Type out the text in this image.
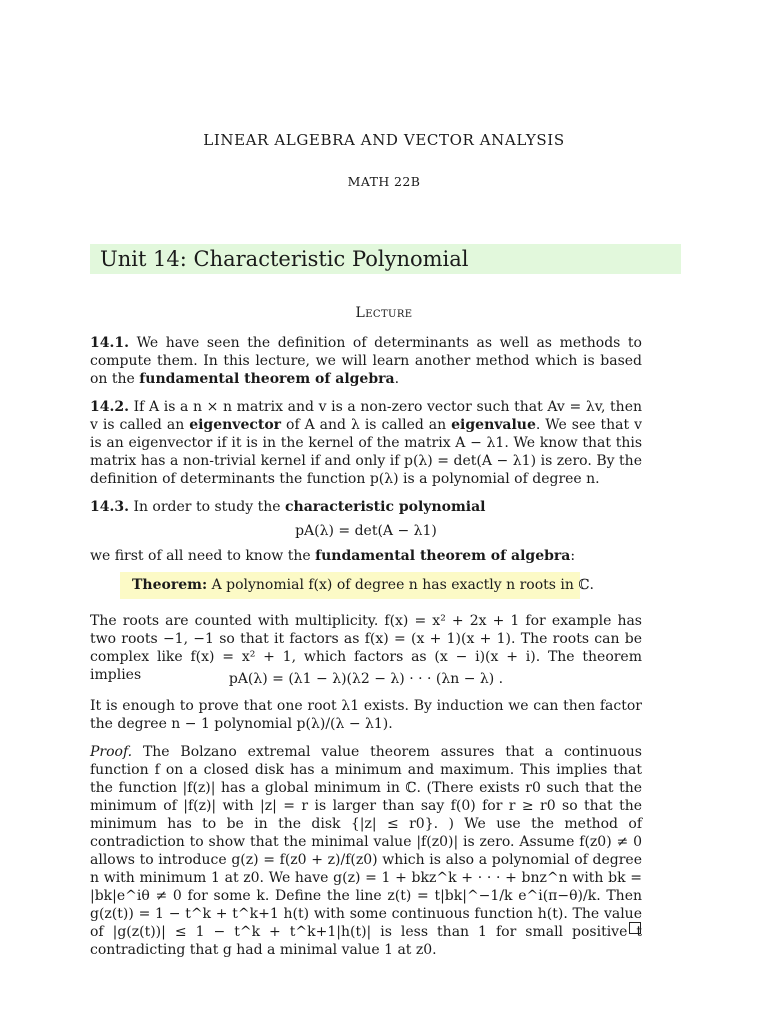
LINEAR ALGEBRA AND VECTOR ANALYSIS
MATH 22B
Unit 14: Characteristic Polynomial
Lecture

14.1. We have seen the definition of determinants as well as methods to compute them. In this lecture, we will learn another method which is based on the fundamental theorem of algebra.

14.2. If A is a n × n matrix and v is a non-zero vector such that Av = λv, then v is called an eigenvector of A and λ is called an eigenvalue. We see that v is an eigenvector if it is in the kernel of the matrix A − λ1. We know that this matrix has a non-trivial kernel if and only if p(λ) = det(A − λ1) is zero. By the definition of determinants the function p(λ) is a polynomial of degree n.

14.3. In order to study the characteristic polynomial

pA(λ) = det(A − λ1)

we first of all need to know the fundamental theorem of algebra:

Theorem: A polynomial f(x) of degree n has exactly n roots in ℂ.

The roots are counted with multiplicity. f(x) = x² + 2x + 1 for example has two roots −1, −1 so that it factors as f(x) = (x + 1)(x + 1). The roots can be complex like f(x) = x² + 1, which factors as (x − i)(x + i). The theorem implies	pA(λ) = (λ1 − λ)(λ2 − λ) · · · (λn − λ) .

It is enough to prove that one root λ1 exists. By induction we can then factor the degree n − 1 polynomial p(λ)/(λ − λ1).

Proof. The Bolzano extremal value theorem assures that a continuous function f on a closed disk has a minimum and maximum. This implies that the function |f(z)| has a global minimum in ℂ. (There exists r0 such that the minimum of |f(z)| with |z| = r is larger than say f(0) for r ≥ r0 so that the minimum has to be in the disk {|z| ≤ r0}. ) We use the method of contradiction to show that the minimal value |f(z0)| is zero. Assume f(z0) ≠ 0 allows to introduce g(z) = f(z0 + z)/f(z0) which is also a polynomial of degree n with minimum 1 at z0. We have g(z) = 1 + bkz^k + · · · + bnz^n with bk = |bk|e^iθ ≠ 0 for some k. Define the line z(t) = t|bk|^−1/k e^i(π−θ)/k. Then g(z(t)) = 1 − t^k + t^k+1 h(t) with some continuous function h(t). The value of |g(z(t))| ≤ 1 − t^k + t^k+1|h(t)| is less than 1 for small positive t contradicting that g had a minimal value 1 at z0.
